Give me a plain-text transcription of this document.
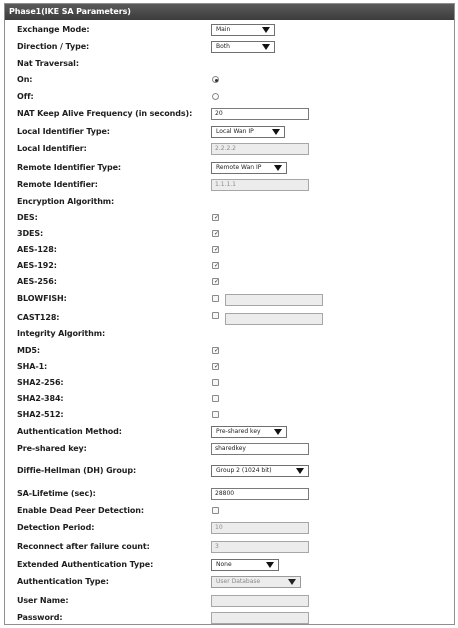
Phase1(IKE SA Parameters)
Exchange Mode:	Main
Direction / Type:	Both
Nat Traversal:
On:
Off:
NAT Keep Alive Frequency (in seconds):	20
Local Identifier Type:	Local Wan IP
Local Identifier:	2.2.2.2
Remote Identifier Type:	Remote Wan IP
Remote Identifier:	1.1.1.1
Encryption Algorithm:
DES:	✓
3DES:	✓
AES-128:	✓
AES-192:	✓
AES-256:	✓
BLOWFISH:
CAST128:
Integrity Algorithm:
MD5:	✓
SHA-1:	✓
SHA2-256:
SHA2-384:
SHA2-512:
Authentication Method:	Pre-shared key
Pre-shared key:	sharedkey
Diffie-Hellman (DH) Group:	Group 2 (1024 bit)
SA-Lifetime (sec):	28800
Enable Dead Peer Detection:
Detection Period:	10
Reconnect after failure count:	3
Extended Authentication Type:	None
Authentication Type:	User Database
User Name:
Password:
